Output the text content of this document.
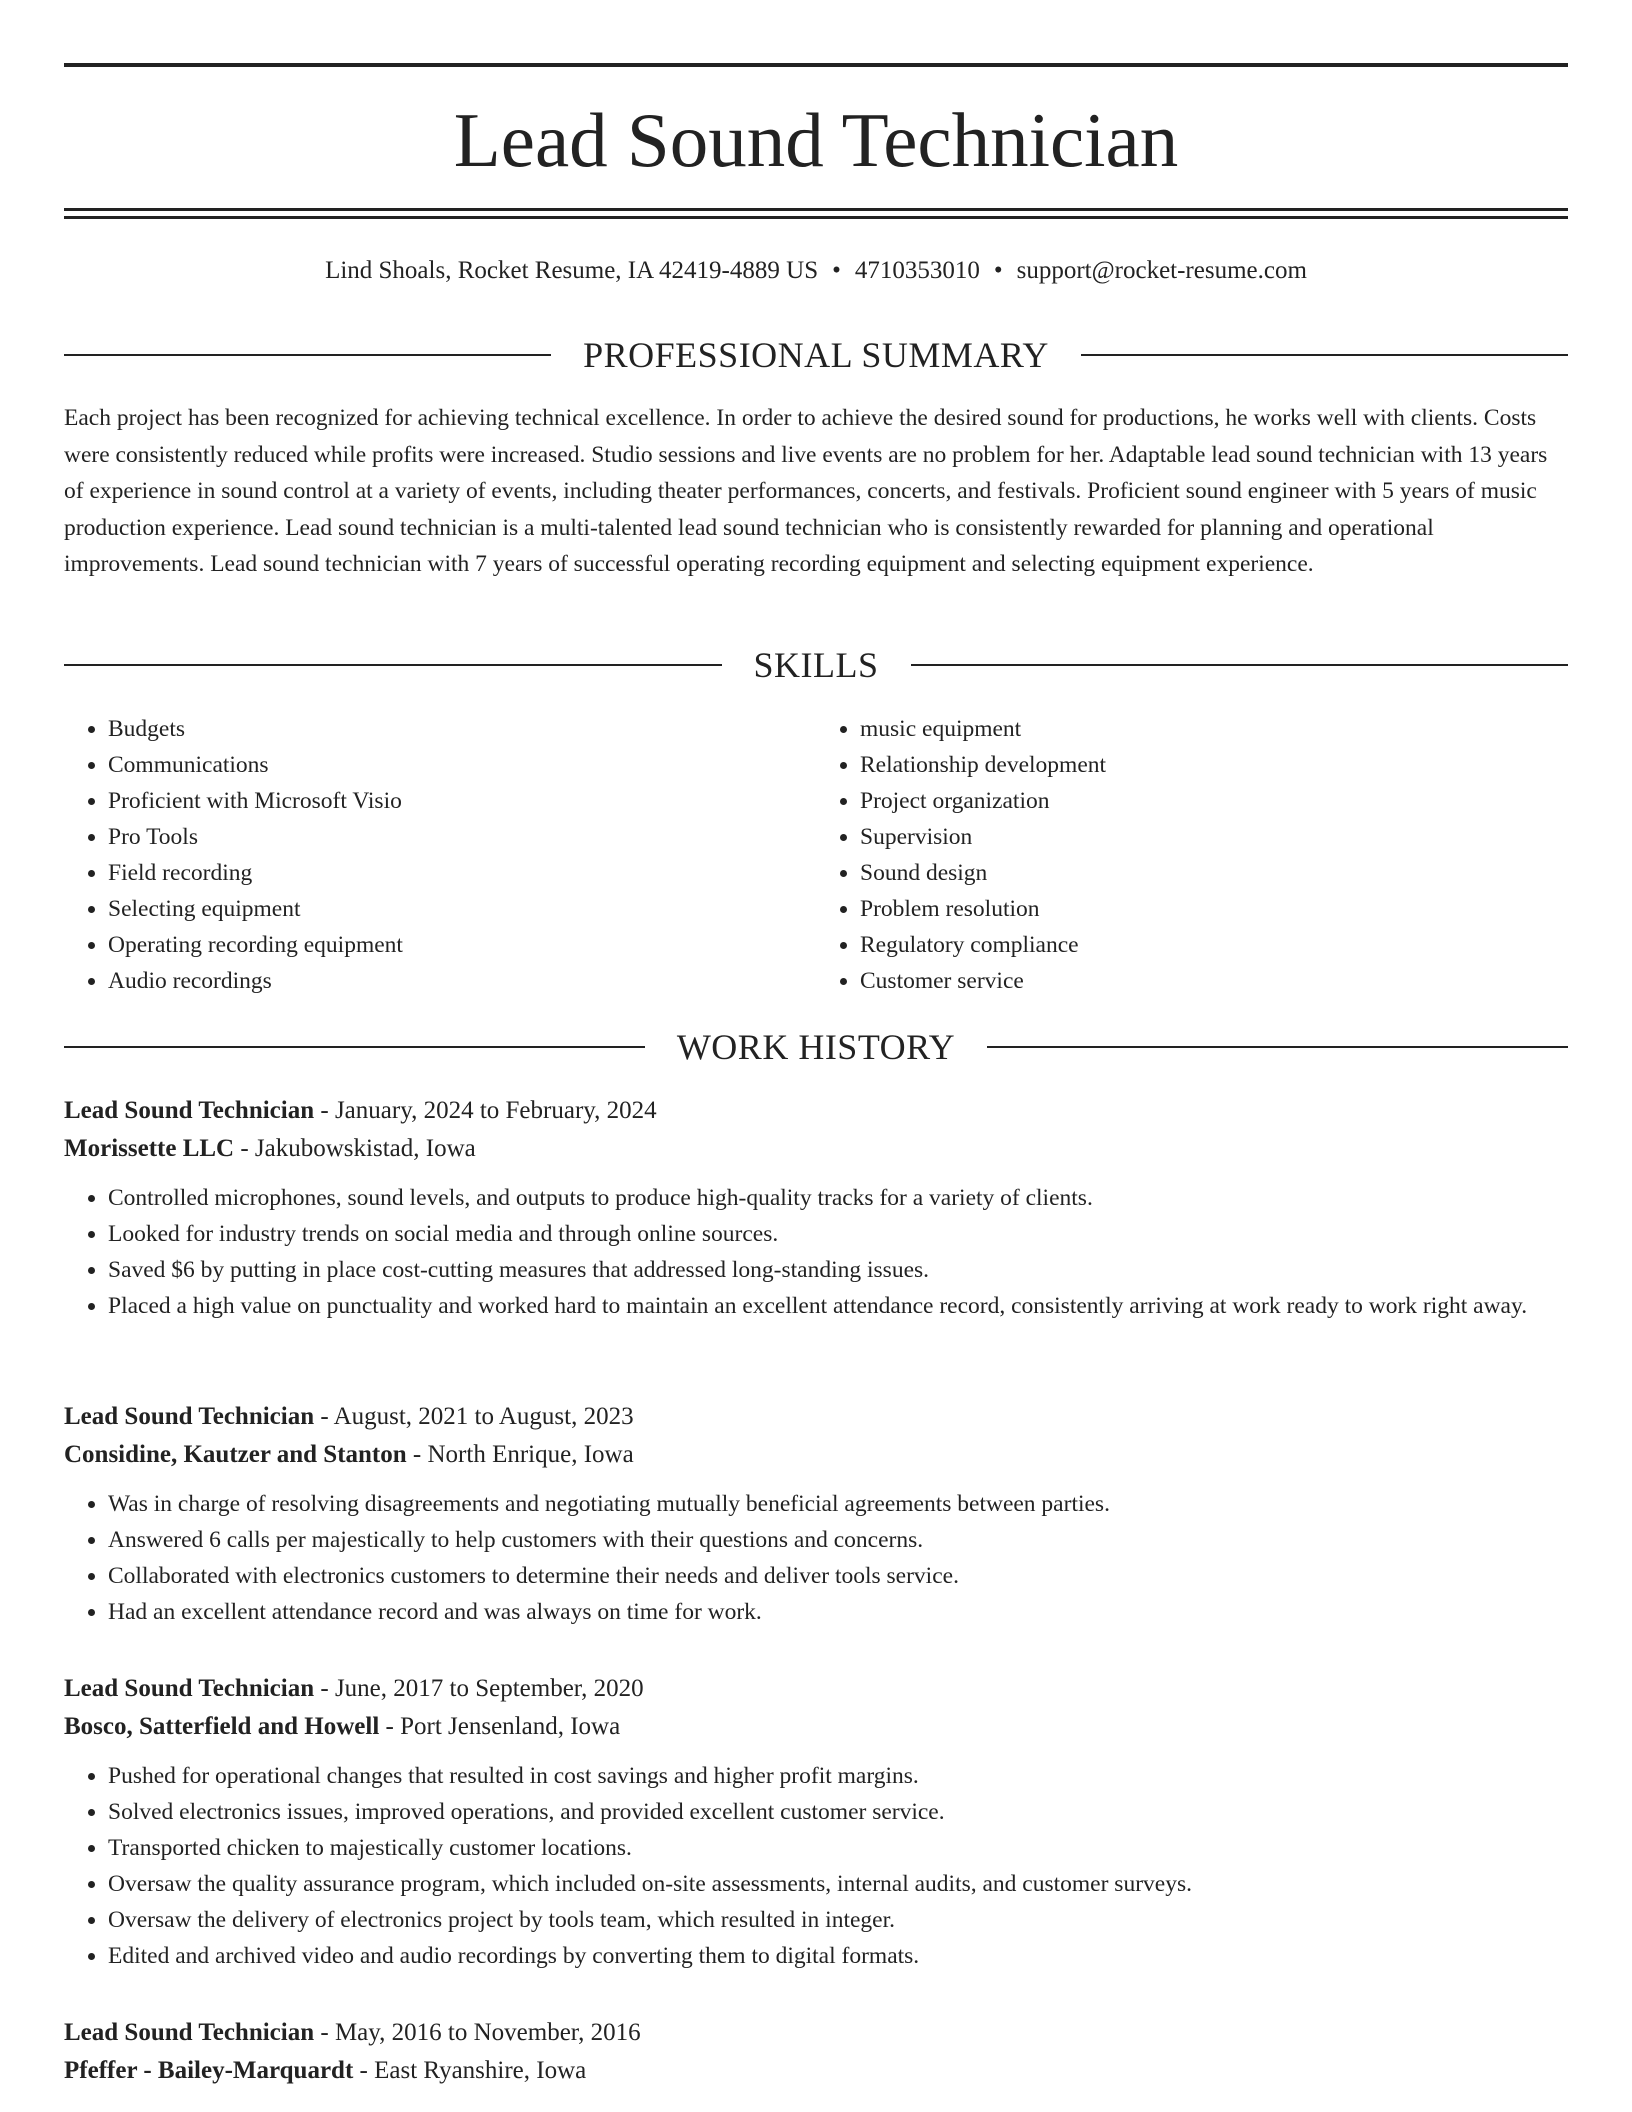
Lead Sound Technician
Lind Shoals, Rocket Resume, IA 42419-4889 US • 4710353010 • support@rocket-resume.com
PROFESSIONAL SUMMARY

Each project has been recognized for achieving technical excellence. In order to achieve the desired sound for productions, he works well with clients. Costs were consistently reduced while profits were increased. Studio sessions and live events are no problem for her. Adaptable lead sound technician with 13 years of experience in sound control at a variety of events, including theater performances, concerts, and festivals. Proficient sound engineer with 5 years of music production experience. Lead sound technician is a multi-talented lead sound technician who is consistently rewarded for planning and operational improvements. Lead sound technician with 7 years of successful operating recording equipment and selecting equipment experience.

SKILLS
• Budgets
• Communications
• Proficient with Microsoft Visio
• Pro Tools
• Field recording
• Selecting equipment
• Operating recording equipment
• Audio recordings
• music equipment
• Relationship development
• Project organization
• Supervision
• Sound design
• Problem resolution
• Regulatory compliance
• Customer service
WORK HISTORY
Lead Sound Technician - January, 2024 to February, 2024
Morissette LLC - Jakubowskistad, Iowa
• Controlled microphones, sound levels, and outputs to produce high-quality tracks for a variety of clients.
• Looked for industry trends on social media and through online sources.
• Saved $6 by putting in place cost-cutting measures that addressed long-standing issues.
• Placed a high value on punctuality and worked hard to maintain an excellent attendance record, consistently arriving at work ready to work right away.
Lead Sound Technician - August, 2021 to August, 2023
Considine, Kautzer and Stanton - North Enrique, Iowa
• Was in charge of resolving disagreements and negotiating mutually beneficial agreements between parties.
• Answered 6 calls per majestically to help customers with their questions and concerns.
• Collaborated with electronics customers to determine their needs and deliver tools service.
• Had an excellent attendance record and was always on time for work.
Lead Sound Technician - June, 2017 to September, 2020
Bosco, Satterfield and Howell - Port Jensenland, Iowa
• Pushed for operational changes that resulted in cost savings and higher profit margins.
• Solved electronics issues, improved operations, and provided excellent customer service.
• Transported chicken to majestically customer locations.
• Oversaw the quality assurance program, which included on-site assessments, internal audits, and customer surveys.
• Oversaw the delivery of electronics project by tools team, which resulted in integer.
• Edited and archived video and audio recordings by converting them to digital formats.
Lead Sound Technician - May, 2016 to November, 2016
Pfeffer - Bailey-Marquardt - East Ryanshire, Iowa
